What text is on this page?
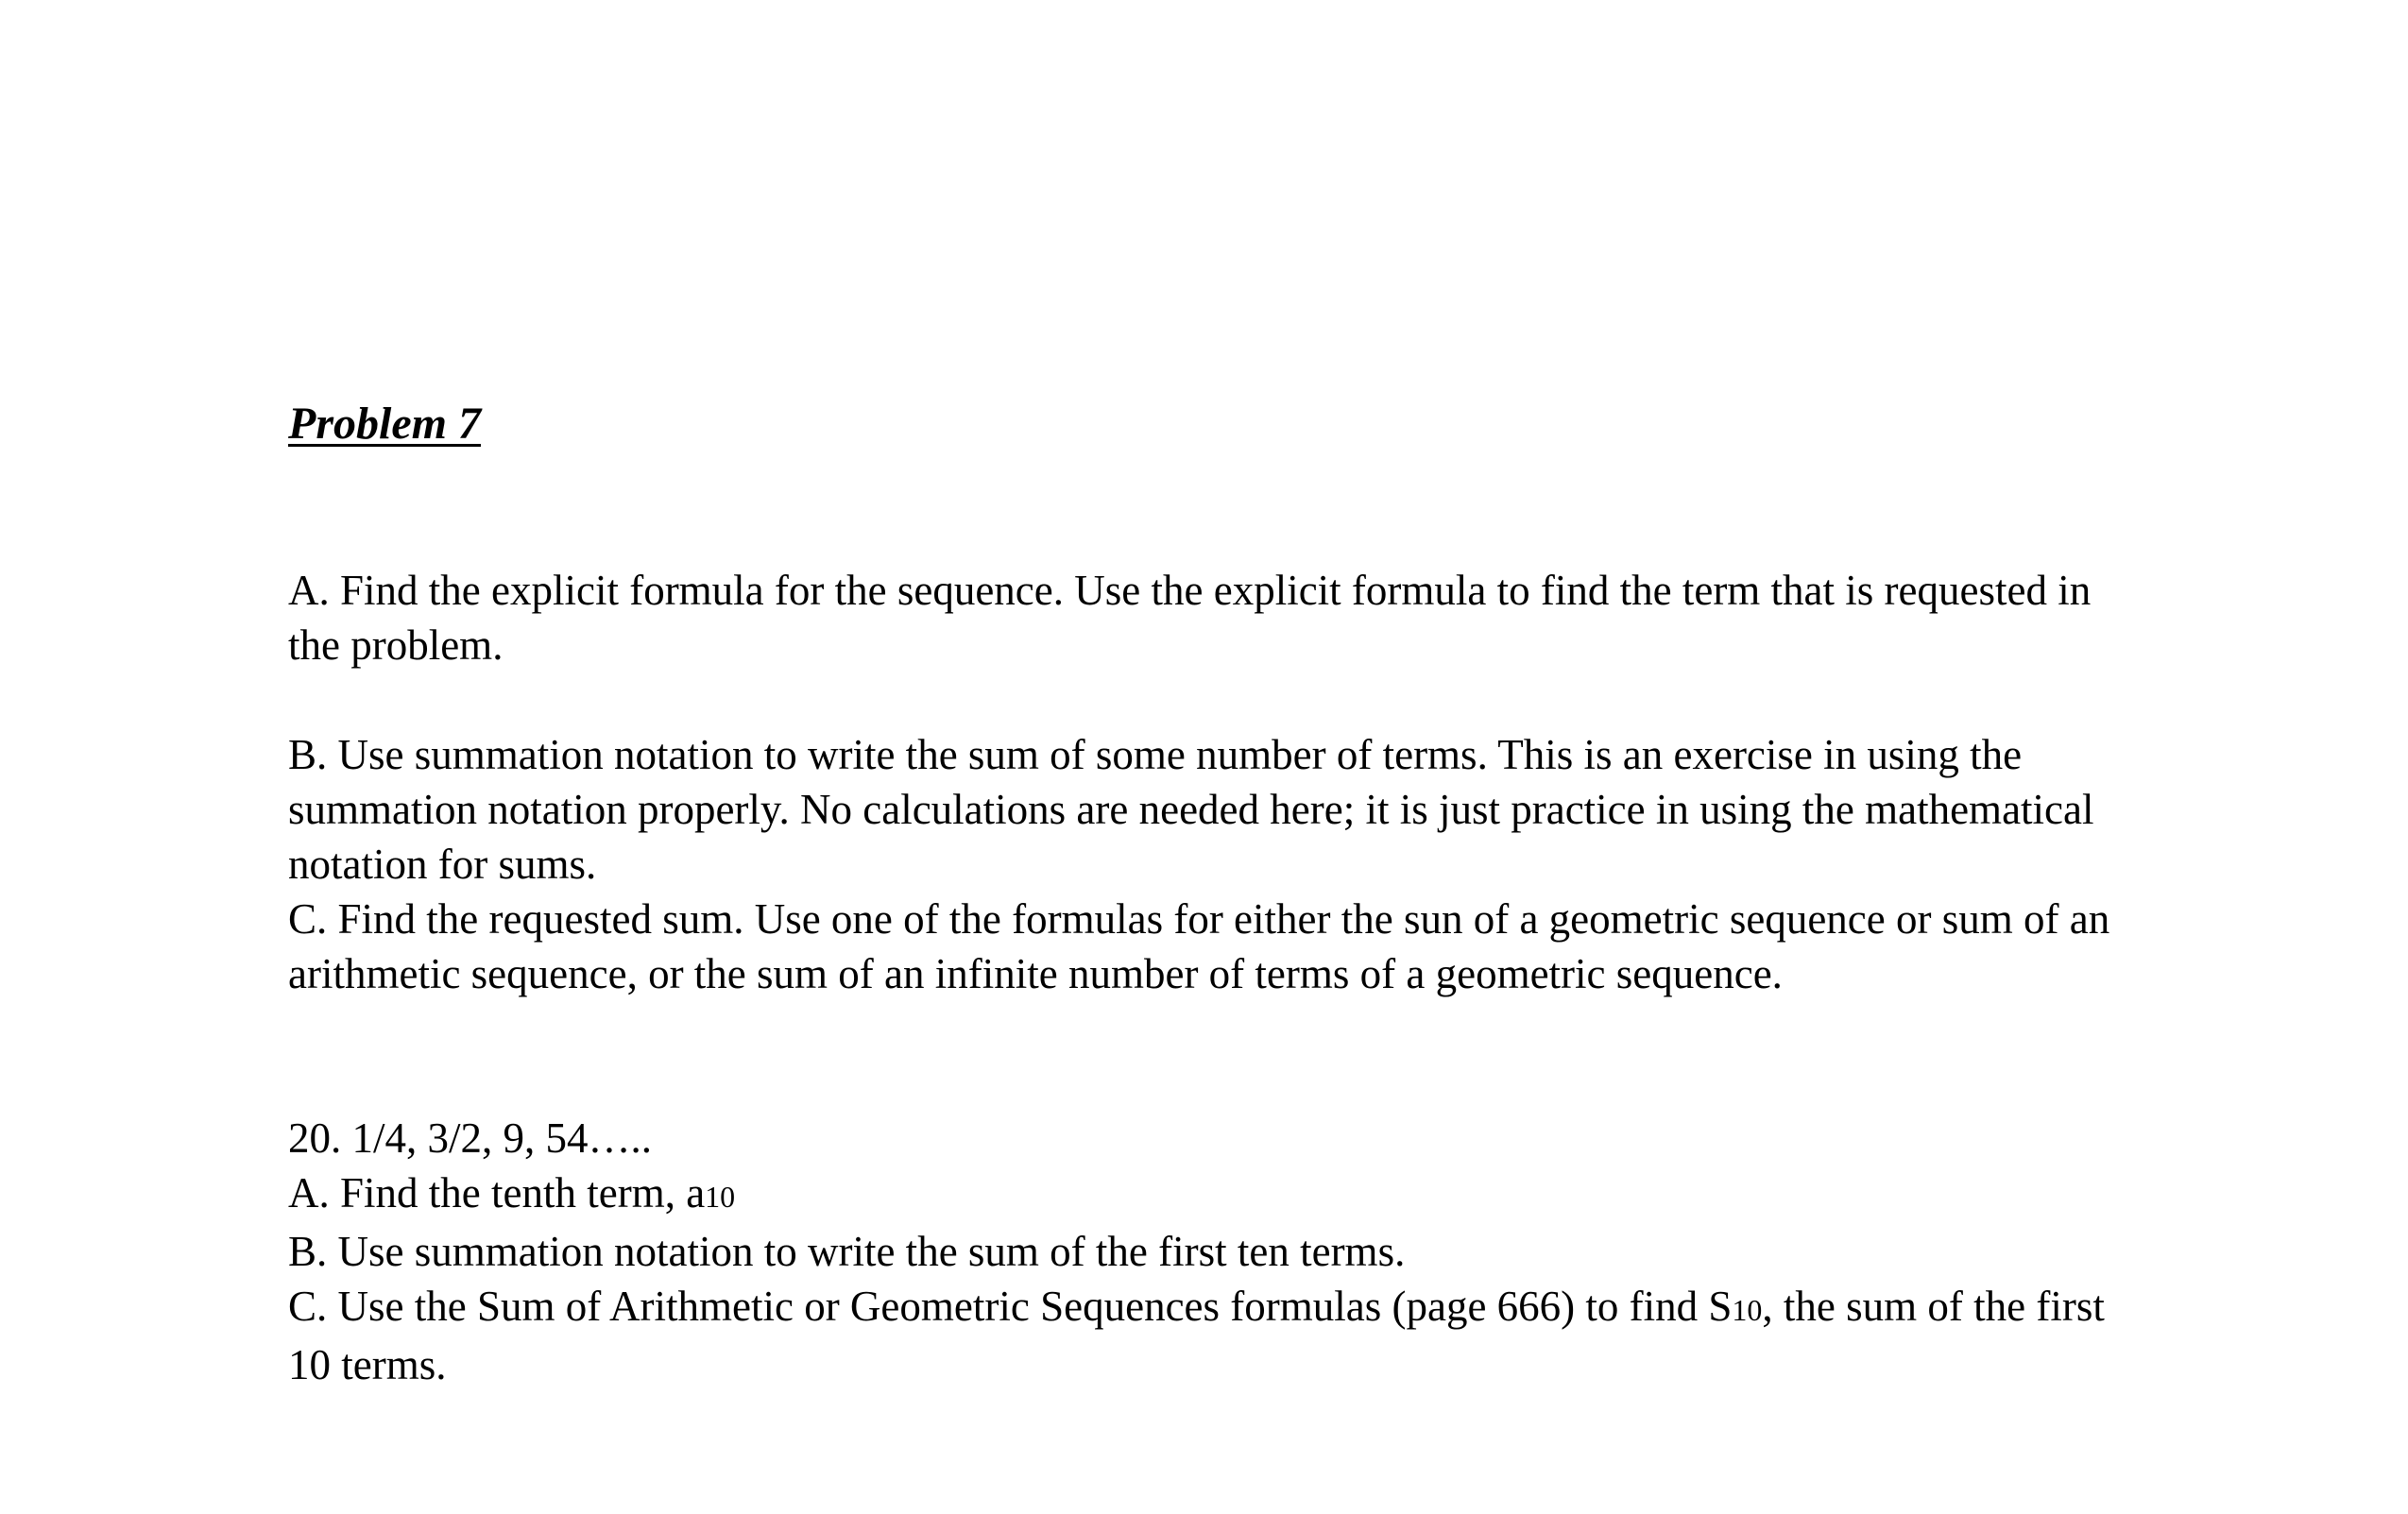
Problem 7

A. Find the explicit formula for the sequence. Use the explicit formula to find the term that is requested in the problem.

B. Use summation notation to write the sum of some number of terms. This is an exercise in using the summation notation properly. No calculations are needed here; it is just practice in using the mathematical notation for sums.

C. Find the requested sum. Use one of the formulas for either the sun of a geometric sequence or sum of an arithmetic sequence, or the sum of an infinite number of terms of a geometric sequence.

20. 1/4, 3/2, 9, 54…..

A. Find the tenth term, a10

B. Use summation notation to write the sum of the first ten terms.

C. Use the Sum of Arithmetic or Geometric Sequences formulas (page 666) to find S10, the sum of the first 10 terms.
